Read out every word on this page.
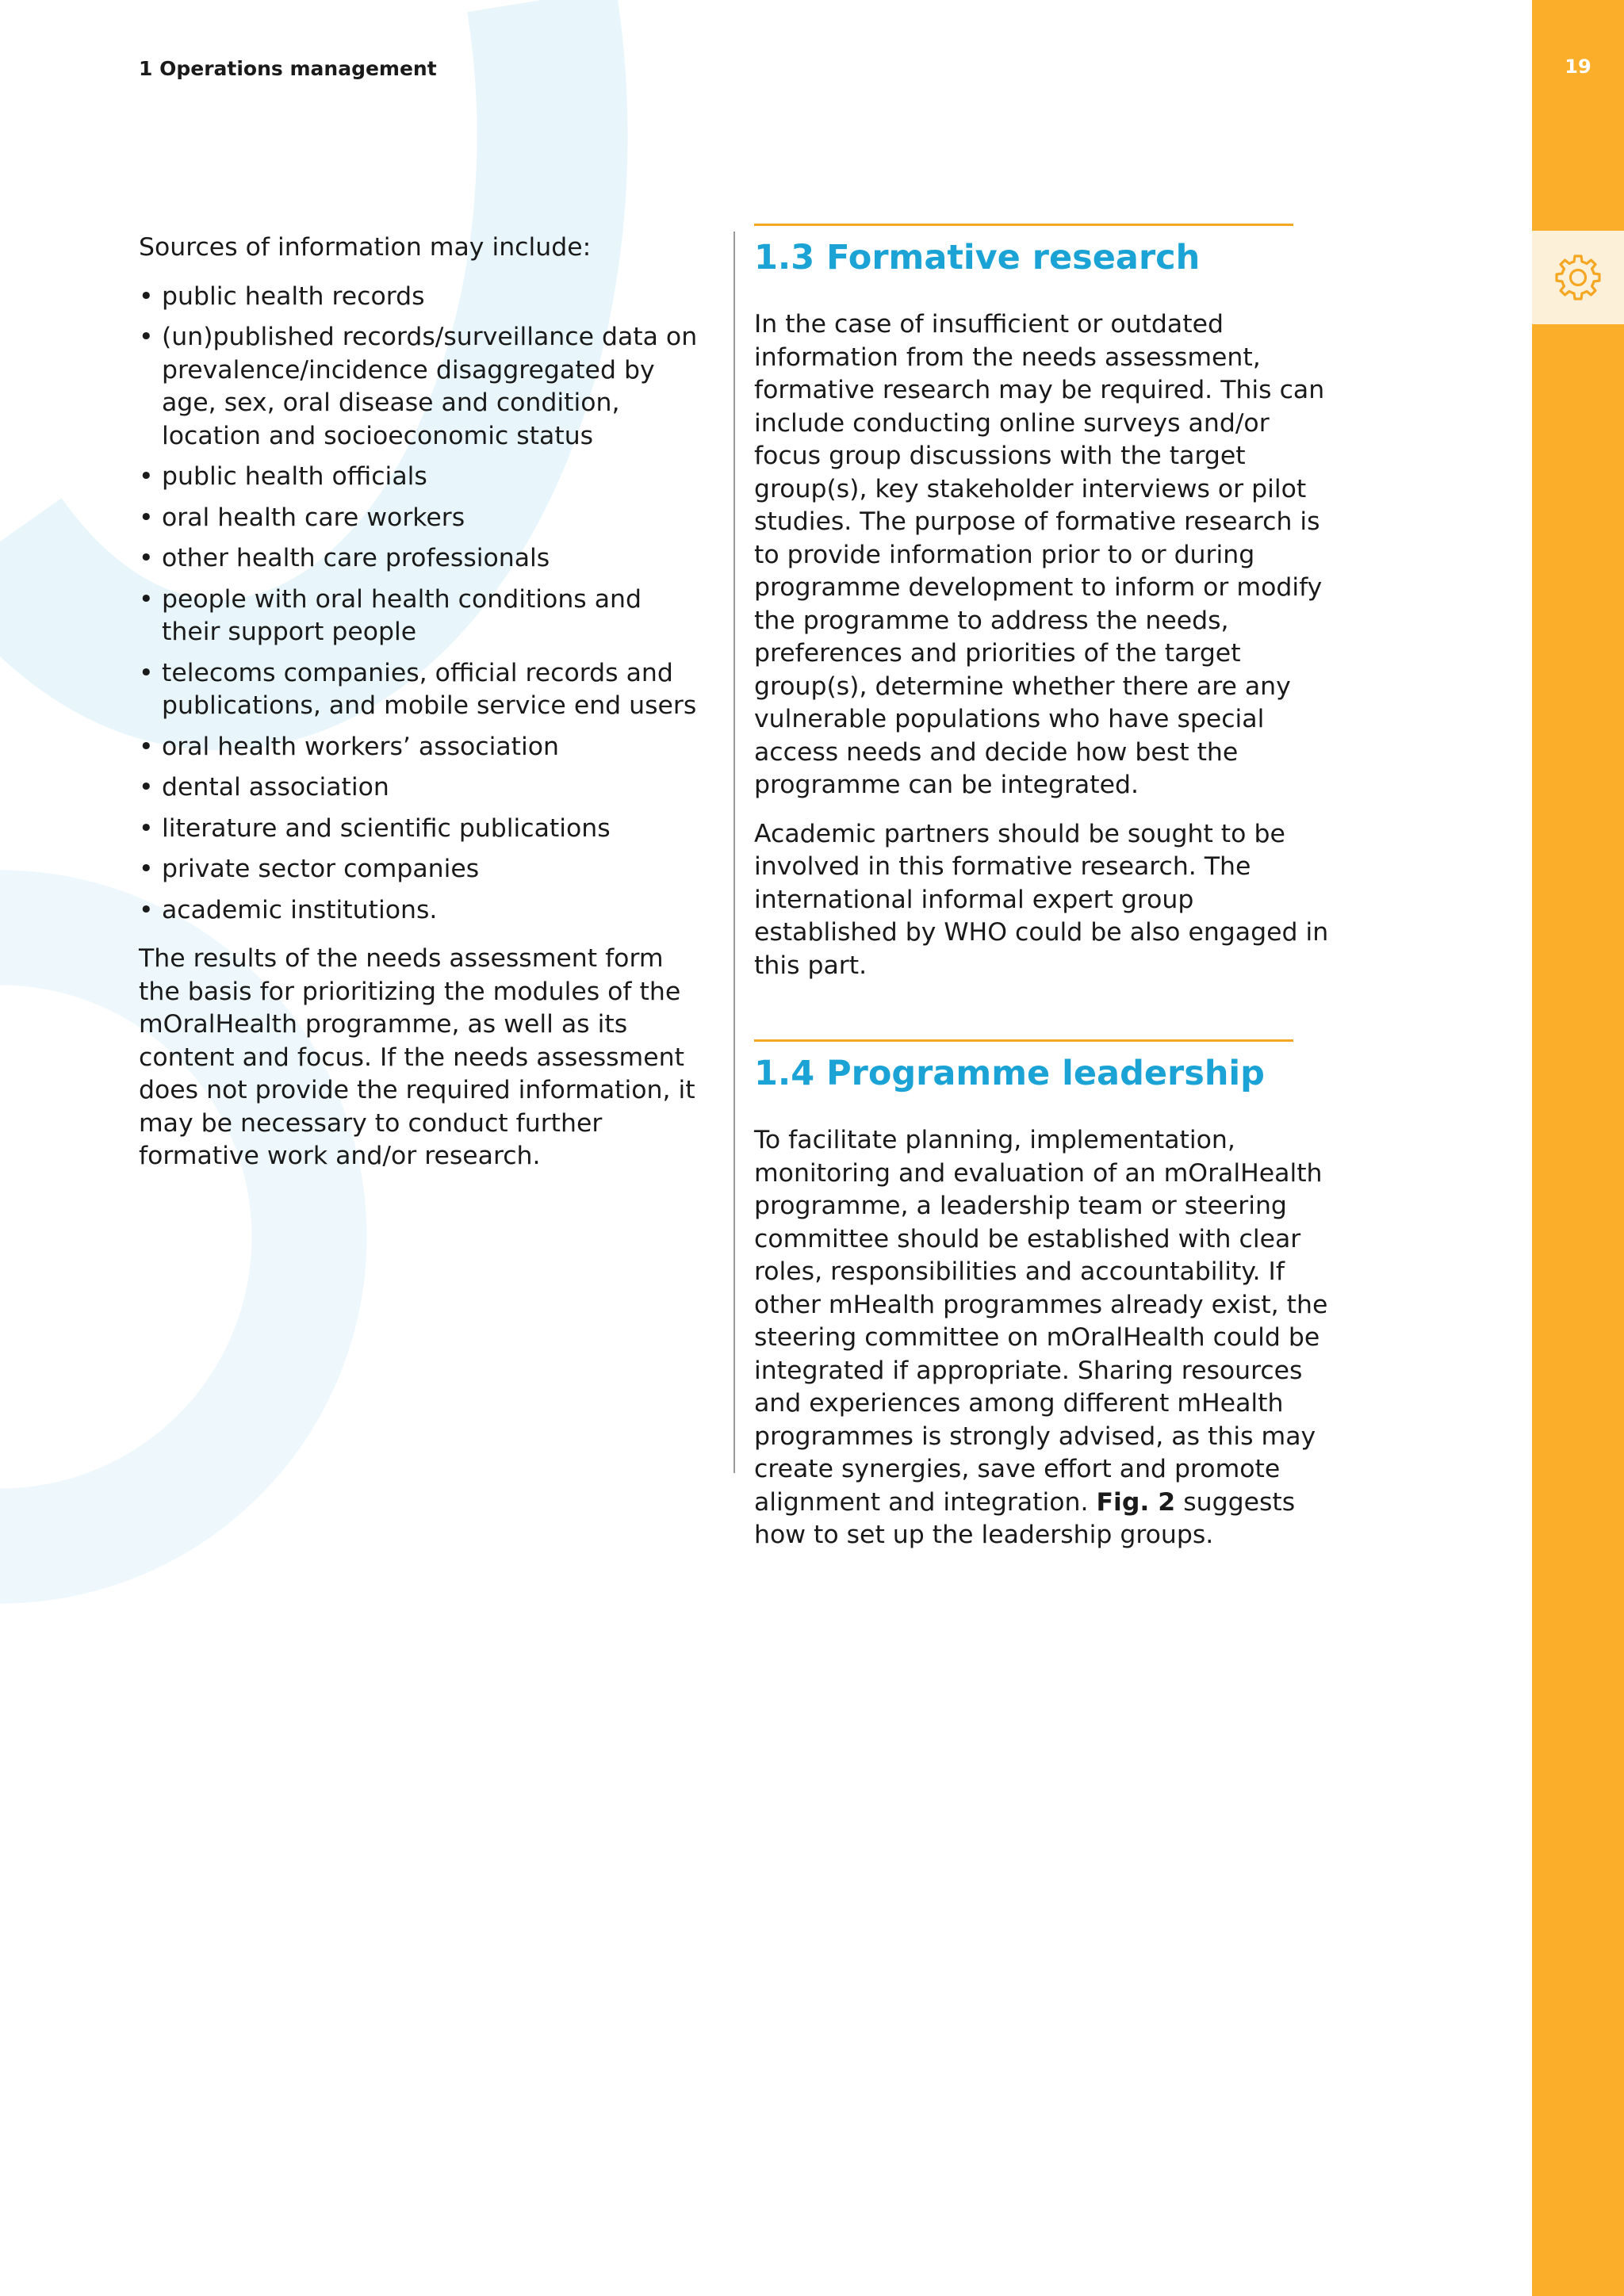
19
1 Operations management

Sources of information may include:

• public health records
• (un)published records/surveillance data on prevalence/incidence disaggregated by age, sex, oral disease and condition, location and socioeconomic status
• public health officials
• oral health care workers
• other health care professionals
• people with oral health conditions and their support people
• telecoms companies, official records and publications, and mobile service end users
• oral health workers’ association
• dental association
• literature and scientific publications
• private sector companies
• academic institutions.

The results of the needs assessment form the basis for prioritizing the modules of the mOralHealth programme, as well as its content and focus. If the needs assessment does not provide the required information, it may be necessary to conduct further formative work and/or research.

1.3 Formative research

In the case of insufficient or outdated information from the needs assessment, formative research may be required. This can include conducting online surveys and/or focus group discussions with the target group(s), key stakeholder interviews or pilot studies. The purpose of formative research is to provide information prior to or during programme development to inform or modify the programme to address the needs, preferences and priorities of the target group(s), determine whether there are any vulnerable populations who have special access needs and decide how best the programme can be integrated.

Academic partners should be sought to be involved in this formative research. The international informal expert group established by WHO could be also engaged in this part.

1.4 Programme leadership

To facilitate planning, implementation, monitoring and evaluation of an mOralHealth programme, a leadership team or steering committee should be established with clear roles, responsibilities and accountability. If other mHealth programmes already exist, the steering committee on mOralHealth could be integrated if appropriate. Sharing resources and experiences among different mHealth programmes is strongly advised, as this may create synergies, save effort and promote alignment and integration. Fig. 2 suggests how to set up the leadership groups.
